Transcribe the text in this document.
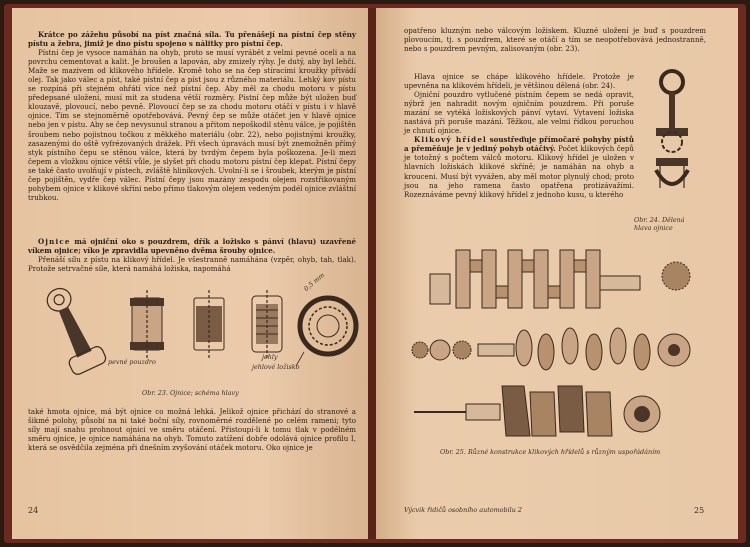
Krátce po zážehu působí na píst značná síla. Tu přenášejí na pístní čep stěny pístu a žebra, jimiž je dno pístu spojeno s nálitky pro pístní čep.

Pístní čep je vysoce namáhán na ohyb, proto se musí vyrábět z velmi pevné oceli a na povrchu cementovat a kalit. Je broušen a lapován, aby zmizely rýhy. Je dutý, aby byl lehčí. Maže se mazivem od klikového hřídele. Kromě toho se na čep stíracími kroužky přivádí olej. Tak jako válec a píst, také pístní čep a píst jsou z různého materiálu. Lehký kov pístu se rozpíná při stejném ohřátí více než pístní čep. Aby měl za chodu motoru v pístu předepsané uložení, musí mít za studena větší rozměry. Pístní čep může být uložen buď klouzavě, plovoucí, nebo pevně. Plovoucí čep se za chodu motoru otáčí v pístu i v hlavě ojnice. Tím se stejnoměrně opotřebovává. Pevný čep se může otáčet jen v hlavě ojnice nebo jen v pístu. Aby se čep nevysunul stranou a přitom nepoškodil stěnu válce, je pojištěn šroubem nebo pojistnou točkou z měkkého materiálu (obr. 22), nebo pojistnými kroužky, zasazenými do oště vyfrézovaných drážek. Při všech úpravách musí být znemožněn přímý styk pístního čepu se stěnou válce, která by tvrdým čepem byla poškozena. Je-li mezi čepem a vložkou ojnice větší vůle, je slyšet při chodu motoru pístní čep klepat. Pístní čepy se také často uvolňují v pístech, zvláště hliníkových. Uvolní-li se i šroubek, kterým je pístní čep pojištěn, vydře čep válec. Pístní čepy jsou mazány zespodu olejem rozstřikovaným pohybem ojnice v klikové skříni nebo přímo tlakovým olejem vedeným podél ojnice zvláštní trubkou.

Ojnice má ojniční oko s pouzdrem, dřík a ložisko s pánví (hlavu) uzavřené víkem ojnice; víko je zpravidla upevněno dvěma šrouby ojnice.

Přenáší sílu z pístu na klikový hřídel. Je všestranně namáhána (vzpěr, ohyb, tah, tlak). Protože setrvačné síle, která namáhá ložiska, napomáhá

pevné pouzdro
jehly
jehlové ložisko
0,5 mm
Obr. 23. Ojnice; schéma hlavy

také hmota ojnice, má být ojnice co možná lehká. Jelikož ojnice přichází do stranové a šikmé polohy, působí na ni také boční síly, rovnoměrné rozdělené po celém rameni; tyto síly mají snahu prohnout ojnici ve směru otáčení. Přistoupí-li k tomu tlak v podélném směru ojnice, je ojnice namáhána na ohyb. Tomuto zatížení dobře odolává ojnice profilu I, která se osvědčila zejména při dnešním zvyšování otáček motoru. Oko ojnice je

24

opatřeno kluzným nebo válcovým ložiskem. Kluzné uložení je buď s pouzdrem plovoucím, tj. s pouzdrem, které se otáčí a tím se neopotřebovává jednostranně, nebo s pouzdrem pevným, zalisovaným (obr. 23).

Hlava ojnice se chápe klikového hřídele. Protože je upevněna na klikovém hřídeli, je většinou dělená (obr. 24).

Ojniční pouzdro vytlučené pístním čepem se nedá opravit, nýbrž jen nahradit novým ojničním pouzdrem. Při poruše mazání se vytéká ložiskových pánví vytaví. Vytavení ložiska nastává při poruše mazání. Těžkou, ale velmi řídkou poruchou je chnutí ojnice.

Klikový hřídel soustřeďuje přímočaré pohyby pístů a přeměňuje je v jediný pohyb otáčivý. Počet klikových čepů je totožný s počtem válců motoru. Klikový hřídel je uložen v hlavních ložiskách klikové skříně; je namáhán na ohyb a krouceni. Musí být vyvážen, aby měl motor plynulý chod; proto jsou na jeho ramena často opatřena protizávažími. Rozeznáváme pevný klikový hřídel z jednoho kusu, u kterého

Obr. 24. Dělená hlava ojnice
Obr. 25. Různé konstrukce klikových hřídelů s různým uspořádáním
Výcvik řidičů osobního automobilu 2	25
